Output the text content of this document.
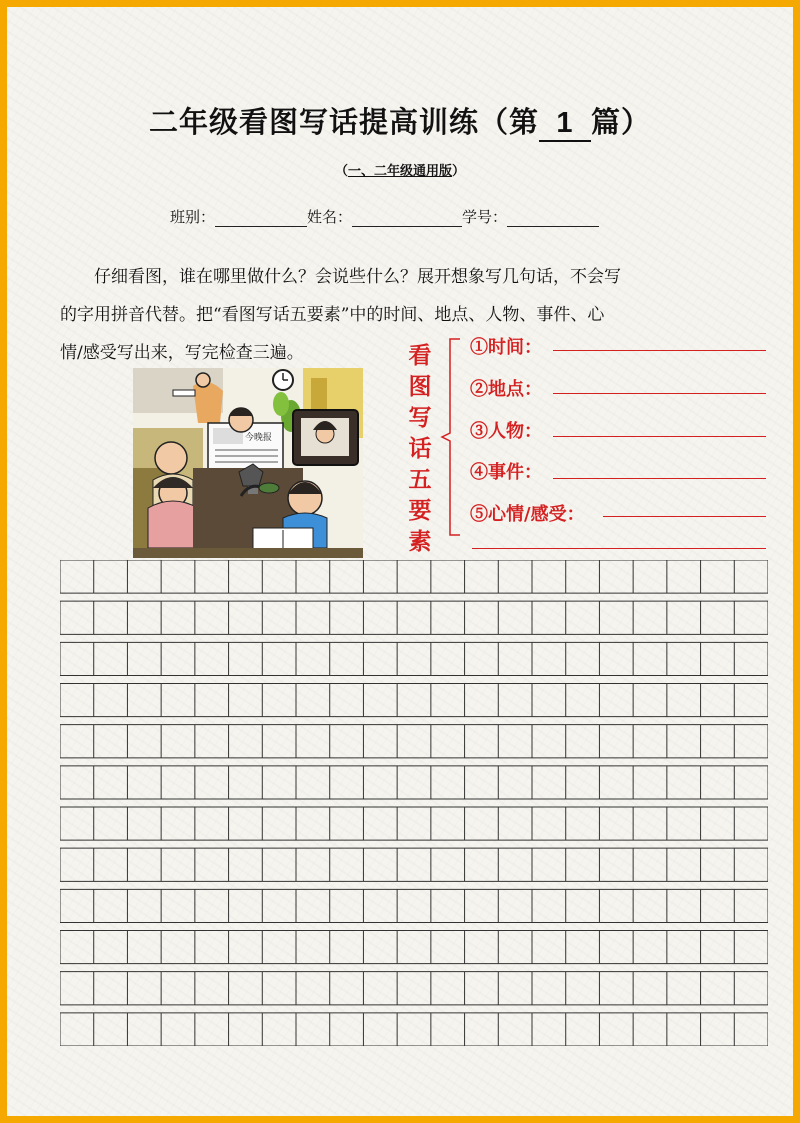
二年级看图写话提高训练（第 1 篇）
（一、二年级通用版）
班别：	姓名：	学号：

仔细看图，谁在哪里做什么？会说些什么？展开想象写几句话，不会写

的字用拼音代替。把“看图写话五要素”中的时间、地点、人物、事件、心
情/感受写出来，写完检查三遍。
今晚报
看
图
写
话
五
要
素
①时间：
②地点：
③人物：
④事件：
⑤心情/感受：
